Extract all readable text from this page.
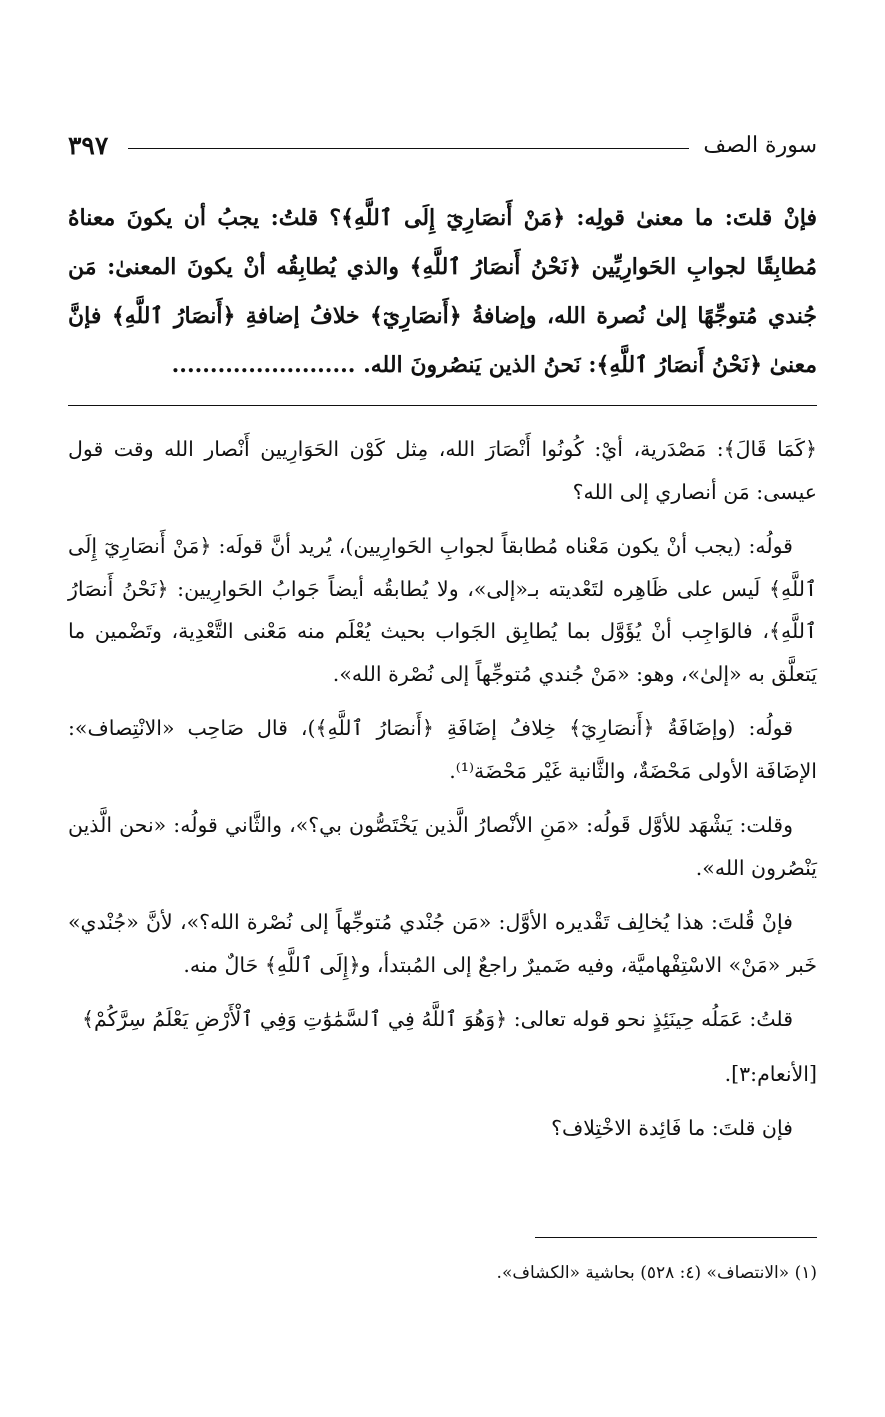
سورة الصف
٣٩٧

فإنْ قلتَ: ما معنىٰ قولِه: ﴿مَنْ أَنصَارِيٓ إِلَى ٱللَّهِ﴾؟ قلتُ: يجبُ أن يكونَ معناهُ مُطابِقًا لجوابِ الحَوارِيِّين ﴿نَحْنُ أَنصَارُ ٱللَّهِ﴾ والذي يُطابِقُه أنْ يكونَ المعنىٰ: مَن جُندي مُتوجِّهًا إلىٰ نُصرة الله، وإضافةُ ﴿أَنصَارِيٓ﴾ خلافُ إضافةِ ﴿أَنصَارُ ٱللَّهِ﴾ فإنَّ معنىٰ ﴿نَحْنُ أَنصَارُ ٱللَّهِ﴾: نَحنُ الذين يَنصُرونَ الله. ........................

﴿كَمَا قَالَ﴾: مَصْدَرية، أيْ: كُونُوا أَنْصَارَ الله، مِثل كَوْن الحَوَارِيين أَنْصار الله وقت قول عيسى: مَن أنصاري إلى الله؟

قولُه: (يجب أنْ يكون مَعْناه مُطابقاً لجوابِ الحَوارِيين)، يُريد أنَّ قولَه: ﴿مَنْ أَنصَارِيٓ إِلَى ٱللَّهِ﴾ لَيس على ظَاهِره لتَعْديته بـ«إلى»، ولا يُطابقُه أيضاً جَوابُ الحَوارِيين: ﴿نَحْنُ أَنصَارُ ٱللَّهِ﴾، فالوَاجِب أنْ يُؤَوَّل بما يُطابِق الجَواب بحيث يُعْلَم منه مَعْنى التَّعْدِية، وتَضْمين ما يَتعلَّق به «إلىٰ»، وهو: «مَنْ جُندي مُتوجِّهاً إلى نُصْرة الله».

قولُه: (وإضَافَةُ ﴿أَنصَارِيٓ﴾ خِلافُ إضَافَةِ ﴿أَنصَارُ ٱللَّهِ﴾)، قال صَاحِب «الانْتِصاف»: الإضَافَة الأولى مَحْضَةٌ، والثَّانية غَيْر مَحْضَة⁽¹⁾.

وقلت: يَشْهَد للأوَّل قَولُه: «مَنِ الأنْصارُ الَّذين يَخْتَصُّون بي؟»، والثَّاني قولُه: «نحن الَّذين يَنْصُرون الله».

فإنْ قُلتَ: هذا يُخالِف تَقْديره الأوَّل: «مَن جُنْدي مُتوجِّهاً إلى نُصْرة الله؟»، لأنَّ «جُنْدي» خَبر «مَنْ» الاسْتِفْهاميَّة، وفيه ضَميرٌ راجعٌ إلى المُبتدأ، و﴿إِلَى ٱللَّهِ﴾ حَالٌ منه.

قلتُ: عَمَلُه حِينَئِذٍ نحو قوله تعالى: ﴿وَهُوَ ٱللَّهُ فِي ٱلسَّمَٰوَٰتِ وَفِي ٱلْأَرْضِ يَعْلَمُ سِرَّكُمْ﴾

[الأنعام:٣].

فإن قلتَ: ما فَائِدة الاخْتِلاف؟

(١) «الانتصاف» (٤: ٥٢٨) بحاشية «الكشاف».
